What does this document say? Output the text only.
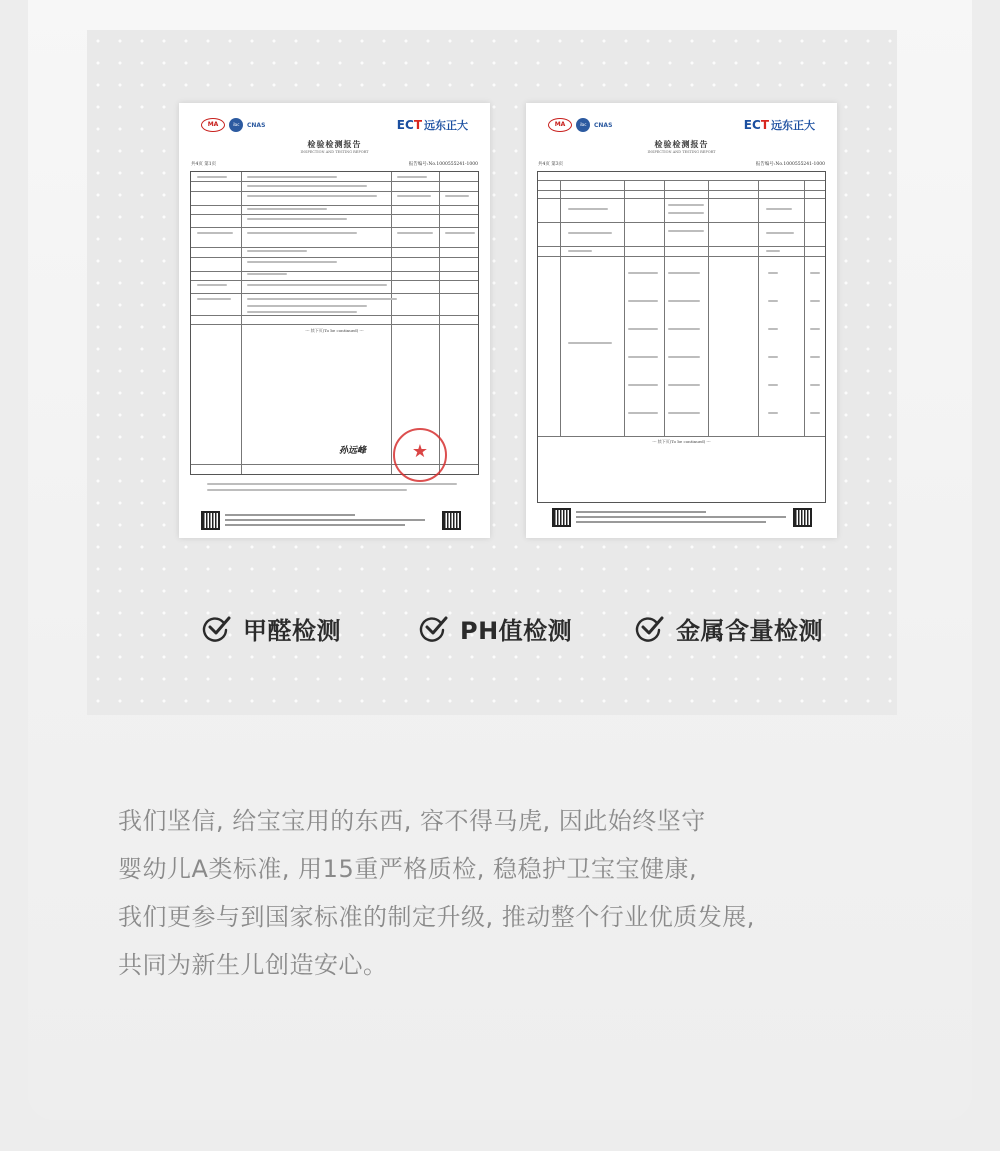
MA	ilac	CNAS	ECT 远东正大
检验检测报告
INSPECTION AND TESTING REPORT
共4页 第1页	报告编号:No.1000555241-1000
--- 续下页(To be continued) ---
孙远峰	★
MA	ilac	CNAS	ECT 远东正大
检验检测报告
INSPECTION AND TESTING REPORT
共4页 第3页	报告编号:No.1000555241-1000
--- 续下页(To be continued) ---
甲醛检测	PH值检测	金属含量检测
我们坚信, 给宝宝用的东西, 容不得马虎, 因此始终坚守
婴幼儿A类标准, 用15重严格质检, 稳稳护卫宝宝健康,
我们更参与到国家标准的制定升级, 推动整个行业优质发展,
共同为新生儿创造安心。
